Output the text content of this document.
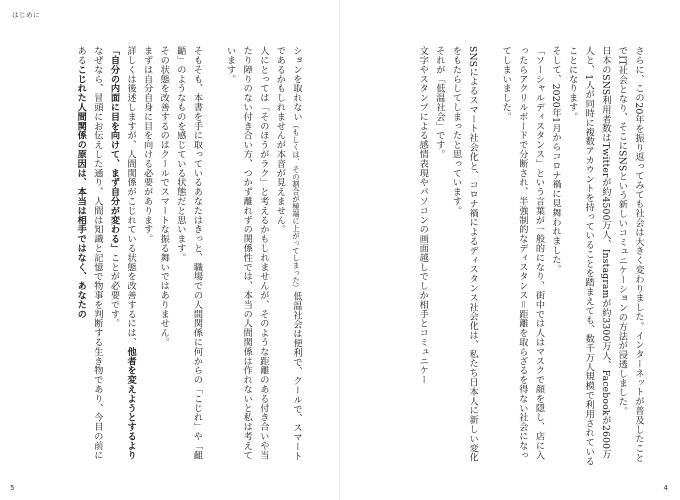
さらに、この20年を振り返ってみても社会は大きく変わりました。インターネットが普及したことでIT社会となり、そこにSNSという新しいコミュニケーションの方法が浸透しました。

日本のSNS利用者数はTwitterが約4500万人、Instagramが約3300万人、Facebookが2600万人と、1人が同時に複数アカウントを持っていることを踏まえても、数千万人規模で利用されていることになります。

そして、2020年1月からコロナ禍に見舞われました。

「ソーシャルディスタンス」という言葉が一般的になり、街中では人はマスクで顔を隠し、店に入ったらアクリルボードで分断され、半強制的なディスタンス＝距離を取らざるを得ない社会になってしまいました。

SNSによるスマート社会化と、コロナ禍によるディスタンス社会化は、私たち日本人に新しい変化をもたらしてしまったと思っています。

それが「低温社会」です。

文字やスタンプによる感情表現やパソコンの画面越しでしか相手とコミュニケー

4
はじめに

ションを取れない（もしくは、その割合が極端に上がってしまった）低温社会は便利で、クールで、スマートであるかもしれませんが本音が見えません。

人にとっては「そのほうがラク」と考えるかもしれませんが、そのような距離のある付き合いや当たり障りのない付き合い方、つかず離れずの関係性では、本当の人間関係は作れないと私は考えています。

そもそも、本書を手に取っているあなたはきっと、職場での人間関係に何からの「こじれ」や「齟齬」のようなものを感じている状態だと思います。

その状態を改善するのはクールでスマートな振る舞いではありません。

まずは自分自身に目を向ける必要があります。

詳しくは後述しますが、人間関係がこじれている状態を改善するには、他者を変えようとするより「自分の内面に目を向けて、まず自分が変わる」ことが必要です。

なぜなら、冒頭にお伝えした通り、人間は知識と記憶で物事を判断する生き物であり、今目の前にあるこじれた人間関係の原因は、本当は相手ではなく、あなたの

5
